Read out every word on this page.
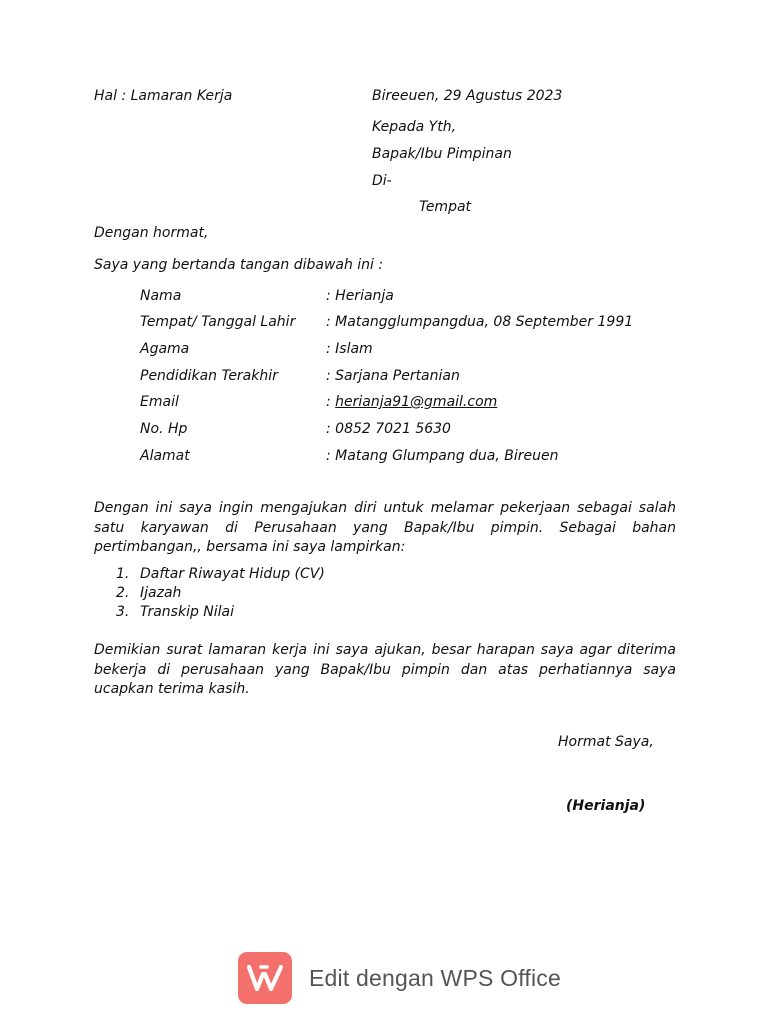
Hal : Lamaran Kerja	Bireeuen, 29 Agustus 2023
Kepada Yth,
Bapak/Ibu Pimpinan
Di-
Tempat
Dengan hormat,
Saya yang bertanda tangan dibawah ini :
Nama	: Herianja
Tempat/ Tanggal Lahir : Matangglumpangdua, 08 September 1991
Agama	: Islam
Pendidikan Terakhir	: Sarjana Pertanian
Email	: herianja91@gmail.com
No. Hp	: 0852 7021 5630
Alamat	: Matang Glumpang dua, Bireuen
Dengan ini saya ingin mengajukan diri untuk melamar pekerjaan sebagai salah satu karyawan di Perusahaan yang Bapak/Ibu pimpin. Sebagai bahan pertimbangan,, bersama ini saya lampirkan:
1. Daftar Riwayat Hidup (CV)
2. Ijazah
3. Transkip Nilai
Demikian surat lamaran kerja ini saya ajukan, besar harapan saya agar diterima bekerja di perusahaan yang Bapak/Ibu pimpin dan atas perhatiannya saya ucapkan terima kasih.
Hormat Saya,
(Herianja)
Edit dengan WPS Office
